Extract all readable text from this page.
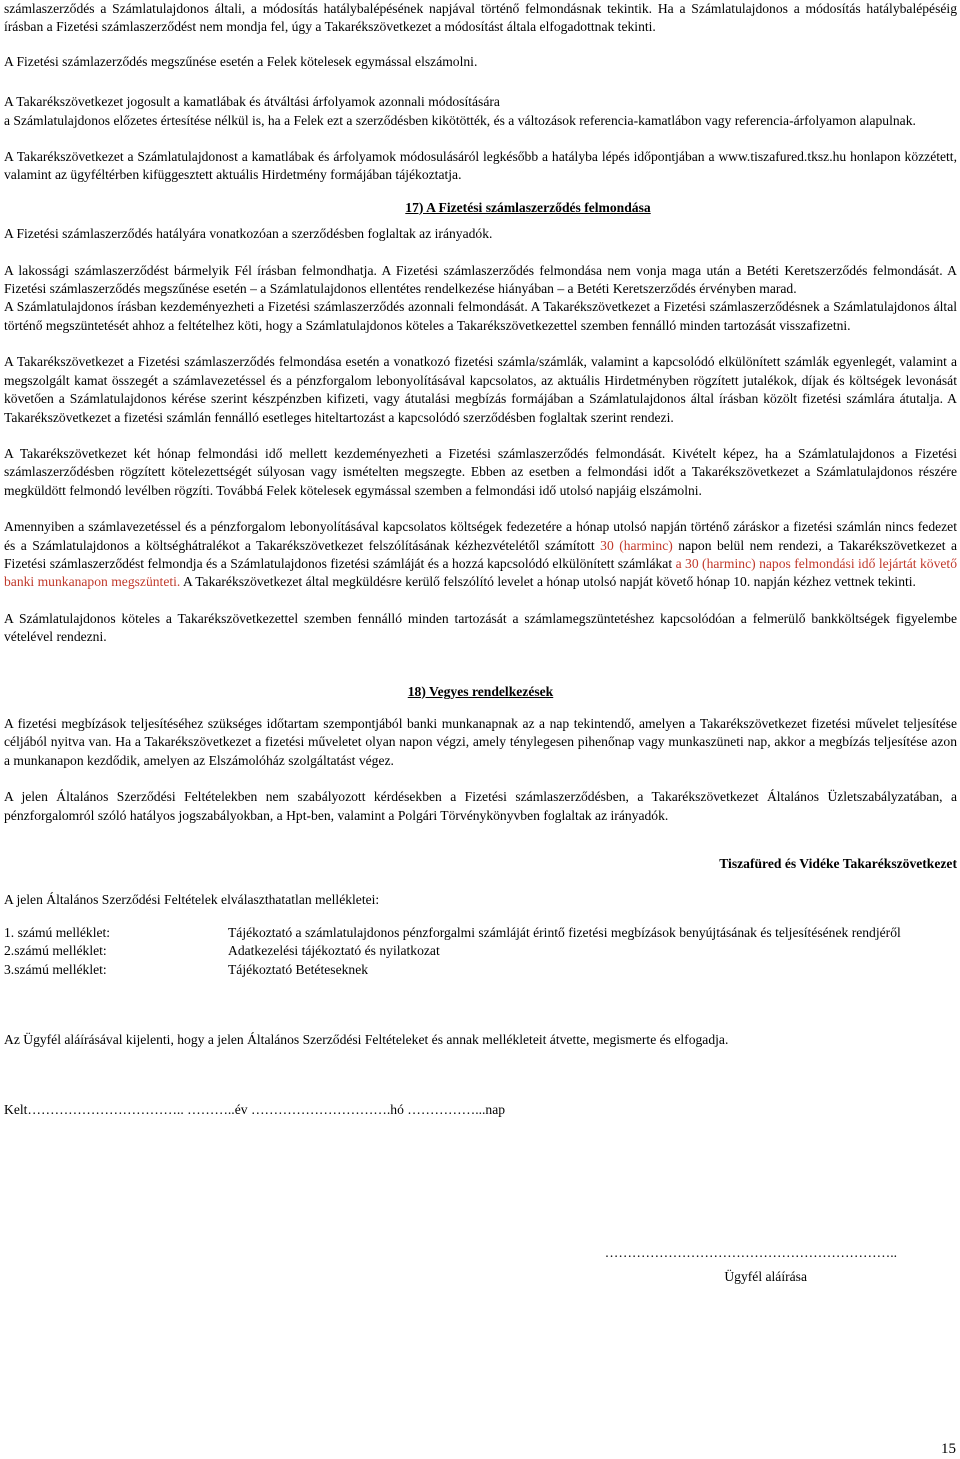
számlaszerződés a Számlatulajdonos általi, a módosítás hatálybalépésének napjával történő felmondásnak tekintik. Ha a Számlatulajdonos a módosítás hatálybalépéséig írásban a Fizetési számlaszerződést nem mondja fel, úgy a Takarékszövetkezet a módosítást általa elfogadottnak tekinti.

A Fizetési számlazerződés megszűnése esetén a Felek kötelesek egymással elszámolni.

A Takarékszövetkezet jogosult a kamatlábak és átváltási árfolyamok azonnali módosítására

a Számlatulajdonos előzetes értesítése nélkül is, ha a Felek ezt a szerződésben kikötötték, és a változások referencia-kamatlábon vagy referencia-árfolyamon alapulnak.

A Takarékszövetkezet a Számlatulajdonost a kamatlábak és árfolyamok módosulásáról legkésőbb a hatályba lépés időpontjában a www.tiszafured.tksz.hu honlapon közzétett, valamint az ügyféltérben kifüggesztett aktuális Hirdetmény formájában tájékoztatja.

17) A Fizetési számlaszerződés felmondása

A Fizetési számlaszerződés hatályára vonatkozóan a szerződésben foglaltak az irányadók.

A lakossági számlaszerződést bármelyik Fél írásban felmondhatja. A Fizetési számlaszerződés felmondása nem vonja maga után a Betéti Keretszerződés felmondását. A Fizetési számlaszerződés megszűnése esetén – a Számlatulajdonos ellentétes rendelkezése hiányában – a Betéti Keretszerződés érvényben marad.

A Számlatulajdonos írásban kezdeményezheti a Fizetési számlaszerződés azonnali felmondását. A Takarékszövetkezet a Fizetési számlaszerződésnek a Számlatulajdonos által történő megszüntetését ahhoz a feltételhez köti, hogy a Számlatulajdonos köteles a Takarékszövetkezettel szemben fennálló minden tartozását visszafizetni.

A Takarékszövetkezet a Fizetési számlaszerződés felmondása esetén a vonatkozó fizetési számla/számlák, valamint a kapcsolódó elkülönített számlák egyenlegét, valamint a megszolgált kamat összegét a számlavezetéssel és a pénzforgalom lebonyolításával kapcsolatos, az aktuális Hirdetményben rögzített jutalékok, díjak és költségek levonását követően a Számlatulajdonos kérése szerint készpénzben kifizeti, vagy átutalási megbízás formájában a Számlatulajdonos által írásban közölt fizetési számlára átutalja. A Takarékszövetkezet a fizetési számlán fennálló esetleges hiteltartozást a kapcsolódó szerződésben foglaltak szerint rendezi.

A Takarékszövetkezet két hónap felmondási idő mellett kezdeményezheti a Fizetési számlaszerződés felmondását. Kivételt képez, ha a Számlatulajdonos a Fizetési számlaszerződésben rögzített kötelezettségét súlyosan vagy ismételten megszegte. Ebben az esetben a felmondási időt a Takarékszövetkezet a Számlatulajdonos részére megküldött felmondó levélben rögzíti. Továbbá Felek kötelesek egymással szemben a felmondási idő utolsó napjáig elszámolni.

Amennyiben a számlavezetéssel és a pénzforgalom lebonyolításával kapcsolatos költségek fedezetére a hónap utolsó napján történő záráskor a fizetési számlán nincs fedezet és a Számlatulajdonos a költséghátralékot a Takarékszövetkezet felszólításának kézhezvételétől számított 30 (harminc) napon belül nem rendezi, a Takarékszövetkezet a Fizetési számlaszerződést felmondja és a Számlatulajdonos fizetési számláját és a hozzá kapcsolódó elkülönített számlákat a 30 (harminc) napos felmondási idő lejártát követő banki munkanapon megszünteti. A Takarékszövetkezet által megküldésre kerülő felszólító levelet a hónap utolsó napját követő hónap 10. napján kézhez vettnek tekinti.

A Számlatulajdonos köteles a Takarékszövetkezettel szemben fennálló minden tartozását a számlamegszüntetéshez kapcsolódóan a felmerülő bankköltségek figyelembe vételével rendezni.

18) Vegyes rendelkezések

A fizetési megbízások teljesítéséhez szükséges időtartam szempontjából banki munkanapnak az a nap tekintendő, amelyen a Takarékszövetkezet fizetési művelet teljesítése céljából nyitva van. Ha a Takarékszövetkezet a fizetési műveletet olyan napon végzi, amely ténylegesen pihenőnap vagy munkaszüneti nap, akkor a megbízás teljesítése azon a munkanapon kezdődik, amelyen az Elszámolóház szolgáltatást végez.

A jelen Általános Szerződési Feltételekben nem szabályozott kérdésekben a Fizetési számlaszerződésben, a Takarékszövetkezet Általános Üzletszabályzatában, a pénzforgalomról szóló hatályos jogszabályokban, a Hpt-ben, valamint a Polgári Törvénykönyvben foglaltak az irányadók.

Tiszafüred és Vidéke Takarékszövetkezet

A jelen Általános Szerződési Feltételek elválaszthatatlan mellékletei:

1. számú melléklet:	Tájékoztató a számlatulajdonos pénzforgalmi számláját érintő fizetési megbízások benyújtásának és teljesítésének rendjéről
2.számú melléklet:	Adatkezelési tájékoztató és nyilatkozat
3.számú melléklet:	Tájékoztató Betéteseknek

Az Ügyfél aláírásával kijelenti, hogy a jelen Általános Szerződési Feltételeket és annak mellékleteit átvette, megismerte és elfogadja.

Kelt…………………………….. ………..év ………………………….hó ……………...nap

………………………………………………………..

Ügyfél aláírása

15
